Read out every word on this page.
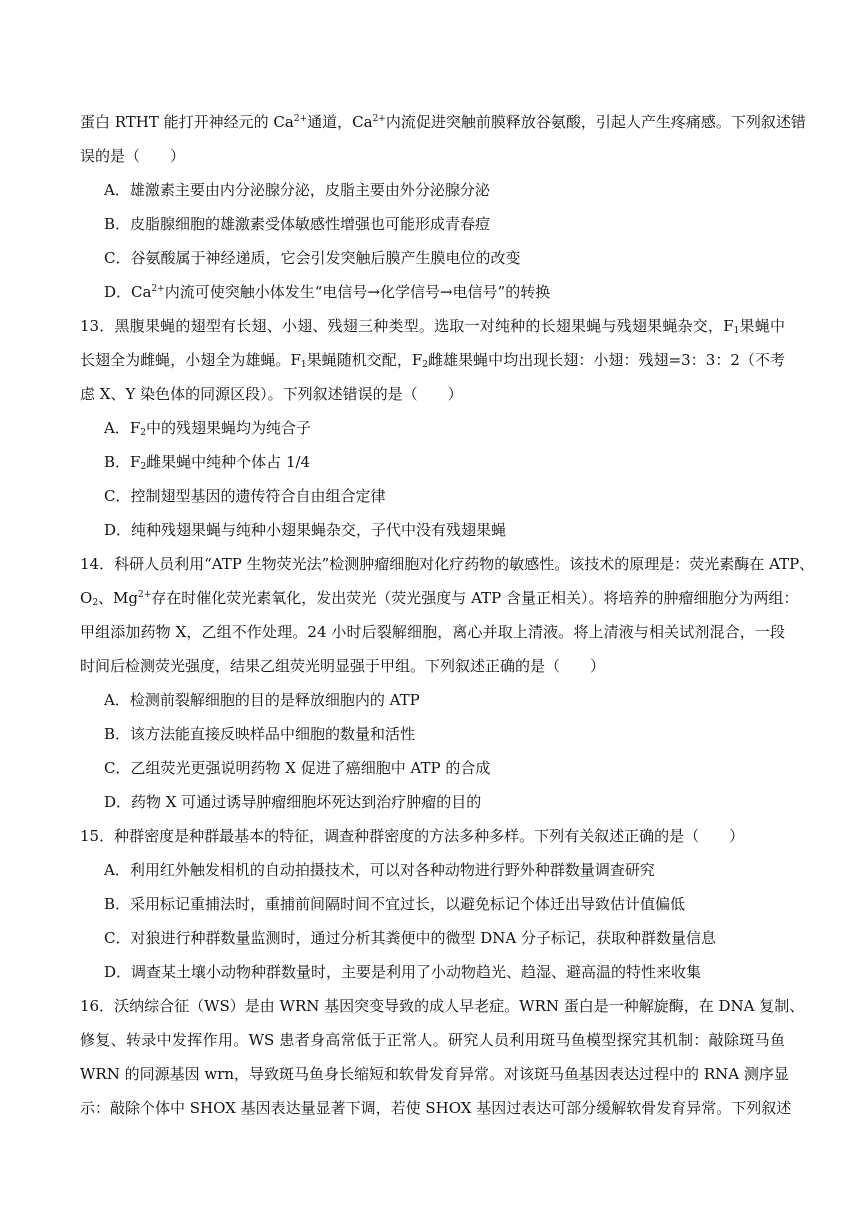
蛋白 RTHT 能打开神经元的 $Ca^{2+}$通道，$Ca^{2+}$内流促进突触前膜释放谷氨酸，引起人产生疼痛感。下列叙述错
误的是（　　）
A．雄激素主要由内分泌腺分泌，皮脂主要由外分泌腺分泌
B．皮脂腺细胞的雄激素受体敏感性增强也可能形成青春痘
C．谷氨酸属于神经递质，它会引发突触后膜产生膜电位的改变
D．$Ca^{2+}$内流可使突触小体发生“电信号→化学信号→电信号”的转换
13．黑腹果蝇的翅型有长翅、小翅、残翅三种类型。选取一对纯种的长翅果蝇与残翅果蝇杂交，$F_1$果蝇中
长翅全为雌蝇，小翅全为雄蝇。$F_1$果蝇随机交配，$F_2$雌雄果蝇中均出现长翅：小翅：残翅=3：3：2（不考
虑 X、Y 染色体的同源区段）。下列叙述错误的是（　　）
A．$F_2$中的残翅果蝇均为纯合子
B．$F_2$雌果蝇中纯种个体占 1/4
C．控制翅型基因的遗传符合自由组合定律
D．纯种残翅果蝇与纯种小翅果蝇杂交，子代中没有残翅果蝇
14．科研人员利用“ATP 生物荧光法”检测肿瘤细胞对化疗药物的敏感性。该技术的原理是：荧光素酶在 ATP、
$O_2$、$Mg^{2+}$存在时催化荧光素氧化，发出荧光（荧光强度与 ATP 含量正相关）。将培养的肿瘤细胞分为两组：
甲组添加药物 X，乙组不作处理。24 小时后裂解细胞，离心并取上清液。将上清液与相关试剂混合，一段
时间后检测荧光强度，结果乙组荧光明显强于甲组。下列叙述正确的是（　　）
A．检测前裂解细胞的目的是释放细胞内的 ATP
B．该方法能直接反映样品中细胞的数量和活性
C．乙组荧光更强说明药物 X 促进了癌细胞中 ATP 的合成
D．药物 X 可通过诱导肿瘤细胞坏死达到治疗肿瘤的目的
15．种群密度是种群最基本的特征，调查种群密度的方法多种多样。下列有关叙述正确的是（　　）
A．利用红外触发相机的自动拍摄技术，可以对各种动物进行野外种群数量调查研究
B．采用标记重捕法时，重捕前间隔时间不宜过长，以避免标记个体迁出导致估计值偏低
C．对狼进行种群数量监测时，通过分析其粪便中的微型 DNA 分子标记，获取种群数量信息
D．调查某土壤小动物种群数量时，主要是利用了小动物趋光、趋湿、避高温的特性来收集
16．沃纳综合征（WS）是由 WRN 基因突变导致的成人早老症。WRN 蛋白是一种解旋酶，在 DNA 复制、
修复、转录中发挥作用。WS 患者身高常低于正常人。研究人员利用斑马鱼模型探究其机制：敲除斑马鱼
WRN 的同源基因 wrn，导致斑马鱼身长缩短和软骨发育异常。对该斑马鱼基因表达过程中的 RNA 测序显
示：敲除个体中 SHOX 基因表达量显著下调，若使 SHOX 基因过表达可部分缓解软骨发育异常。下列叙述
